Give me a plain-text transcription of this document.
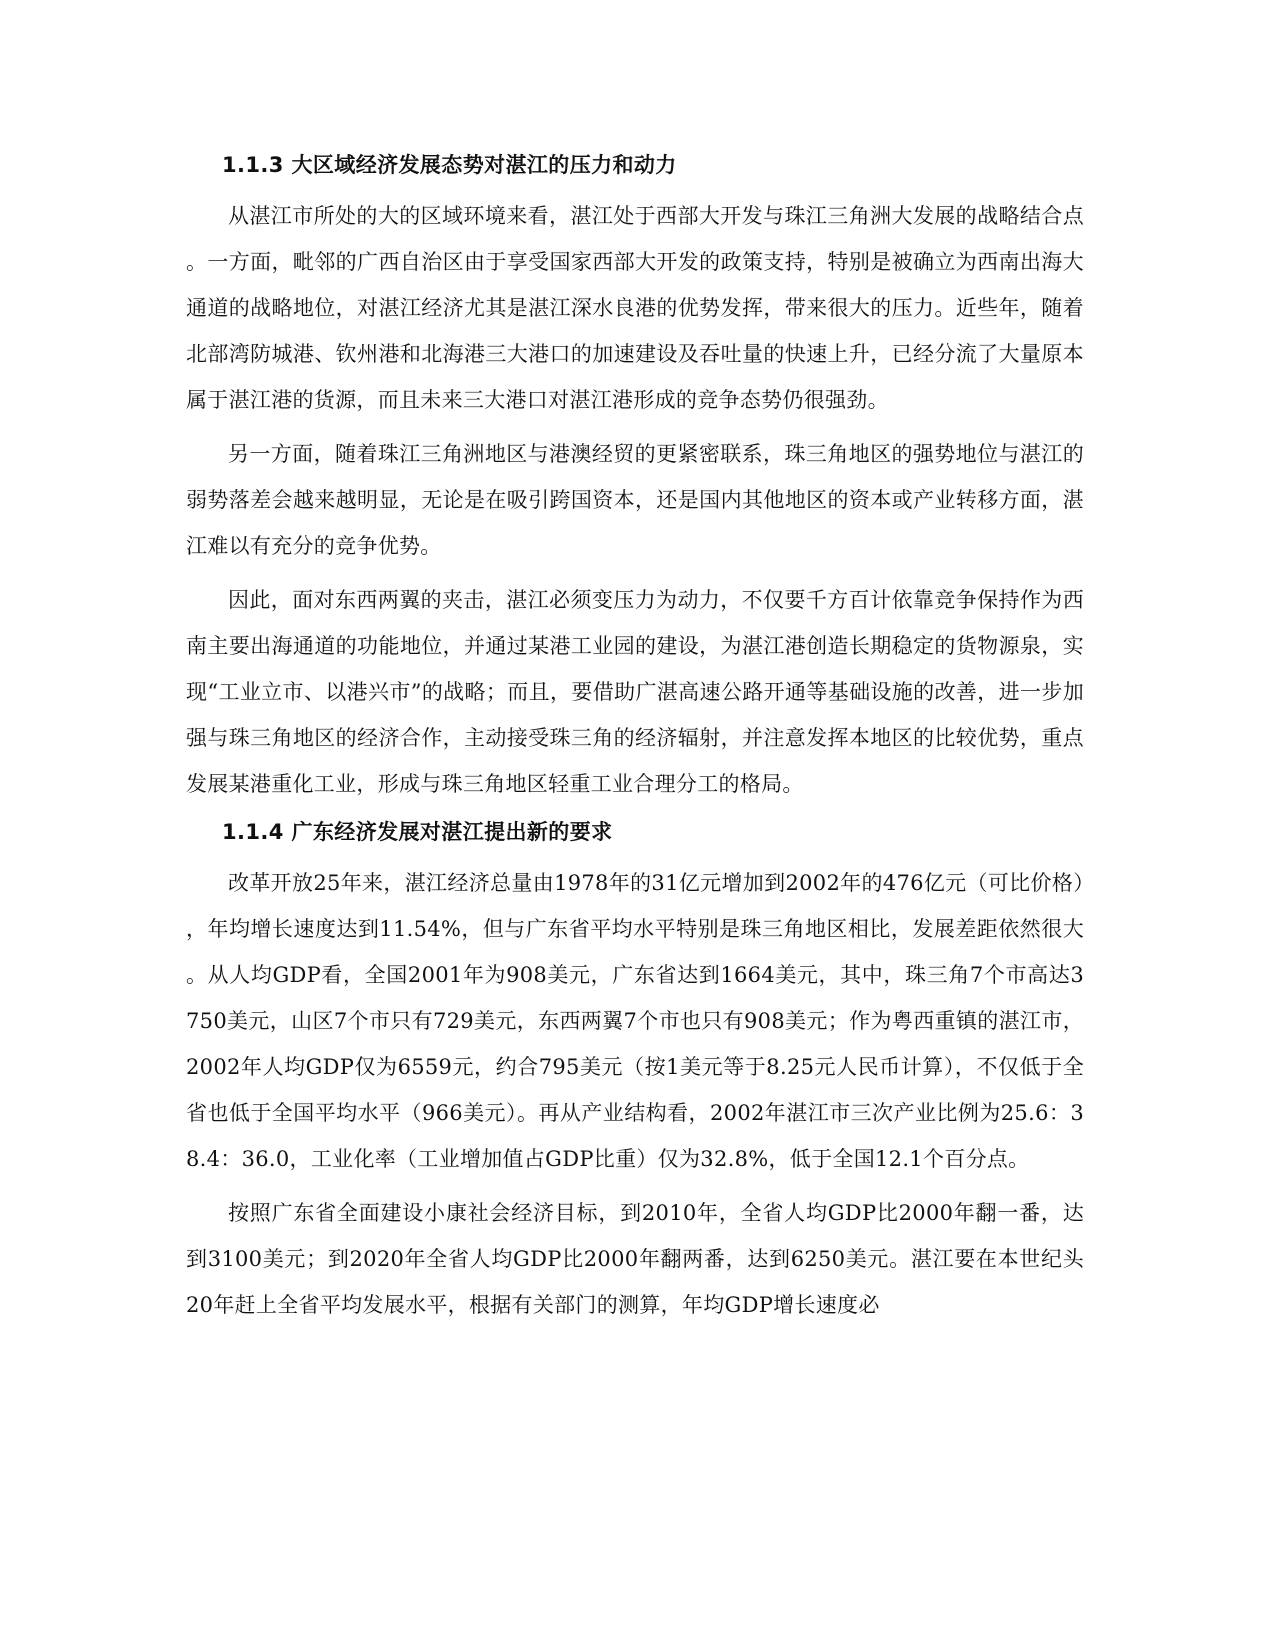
1.1.3 大区域经济发展态势对湛江的压力和动力

从湛江市所处的大的区域环境来看，湛江处于西部大开发与珠江三角洲大发展的战略结合点。一方面，毗邻的广西自治区由于享受国家西部大开发的政策支持，特别是被确立为西南出海大通道的战略地位，对湛江经济尤其是湛江深水良港的优势发挥，带来很大的压力。近些年，随着北部湾防城港、钦州港和北海港三大港口的加速建设及吞吐量的快速上升，已经分流了大量原本属于湛江港的货源，而且未来三大港口对湛江港形成的竞争态势仍很强劲。

另一方面，随着珠江三角洲地区与港澳经贸的更紧密联系，珠三角地区的强势地位与湛江的弱势落差会越来越明显，无论是在吸引跨国资本，还是国内其他地区的资本或产业转移方面，湛江难以有充分的竞争优势。

因此，面对东西两翼的夹击，湛江必须变压力为动力，不仅要千方百计依靠竞争保持作为西南主要出海通道的功能地位，并通过某港工业园的建设，为湛江港创造长期稳定的货物源泉，实现“工业立市、以港兴市”的战略；而且，要借助广湛高速公路开通等基础设施的改善，进一步加强与珠三角地区的经济合作，主动接受珠三角的经济辐射，并注意发挥本地区的比较优势，重点发展某港重化工业，形成与珠三角地区轻重工业合理分工的格局。

1.1.4 广东经济发展对湛江提出新的要求

改革开放25年来，湛江经济总量由1978年的31亿元增加到2002年的476亿元（可比价格），年均增长速度达到11.54%，但与广东省平均水平特别是珠三角地区相比，发展差距依然很大。从人均GDP看，全国2001年为908美元，广东省达到1664美元，其中，珠三角7个市高达3750美元，山区7个市只有729美元，东西两翼7个市也只有908美元；作为粤西重镇的湛江市，2002年人均GDP仅为6559元，约合795美元（按1美元等于8.25元人民币计算），不仅低于全省也低于全国平均水平（966美元）。再从产业结构看，2002年湛江市三次产业比例为25.6：38.4：36.0，工业化率（工业增加值占GDP比重）仅为32.8%，低于全国12.1个百分点。

按照广东省全面建设小康社会经济目标，到2010年，全省人均GDP比2000年翻一番，达到3100美元；到2020年全省人均GDP比2000年翻两番，达到6250美元。湛江要在本世纪头20年赶上全省平均发展水平，根据有关部门的测算，年均GDP增长速度必
